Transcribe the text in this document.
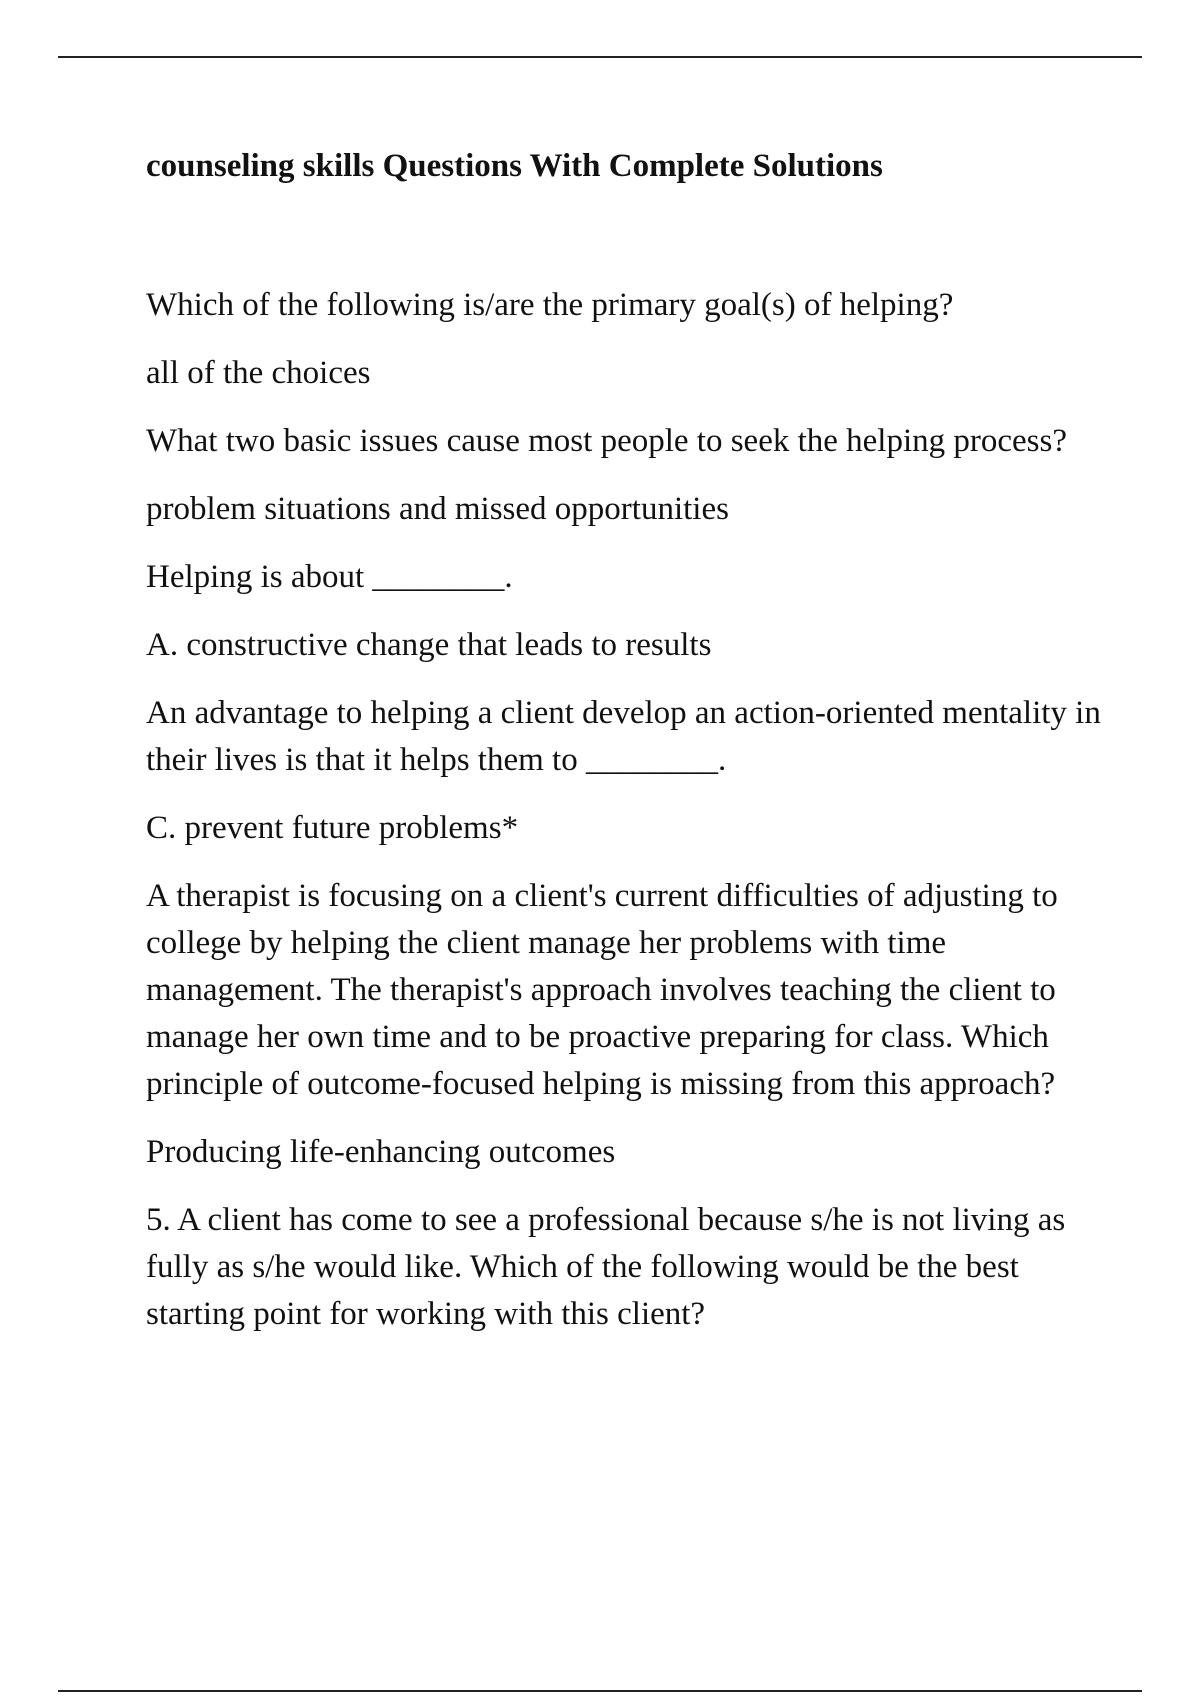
counseling skills Questions With Complete Solutions

Which of the following is/are the primary goal(s) of helping?

all of the choices

What two basic issues cause most people to seek the helping process?

problem situations and missed opportunities

Helping is about ________.

A. constructive change that leads to results

An advantage to helping a client develop an action-oriented mentality in their lives is that it helps them to ________.

C. prevent future problems*

A therapist is focusing on a client's current difficulties of adjusting to college by helping the client manage her problems with time management. The therapist's approach involves teaching the client to manage her own time and to be proactive preparing for class. Which principle of outcome-focused helping is missing from this approach?

Producing life-enhancing outcomes

5. A client has come to see a professional because s/he is not living as fully as s/he would like. Which of the following would be the best starting point for working with this client?
